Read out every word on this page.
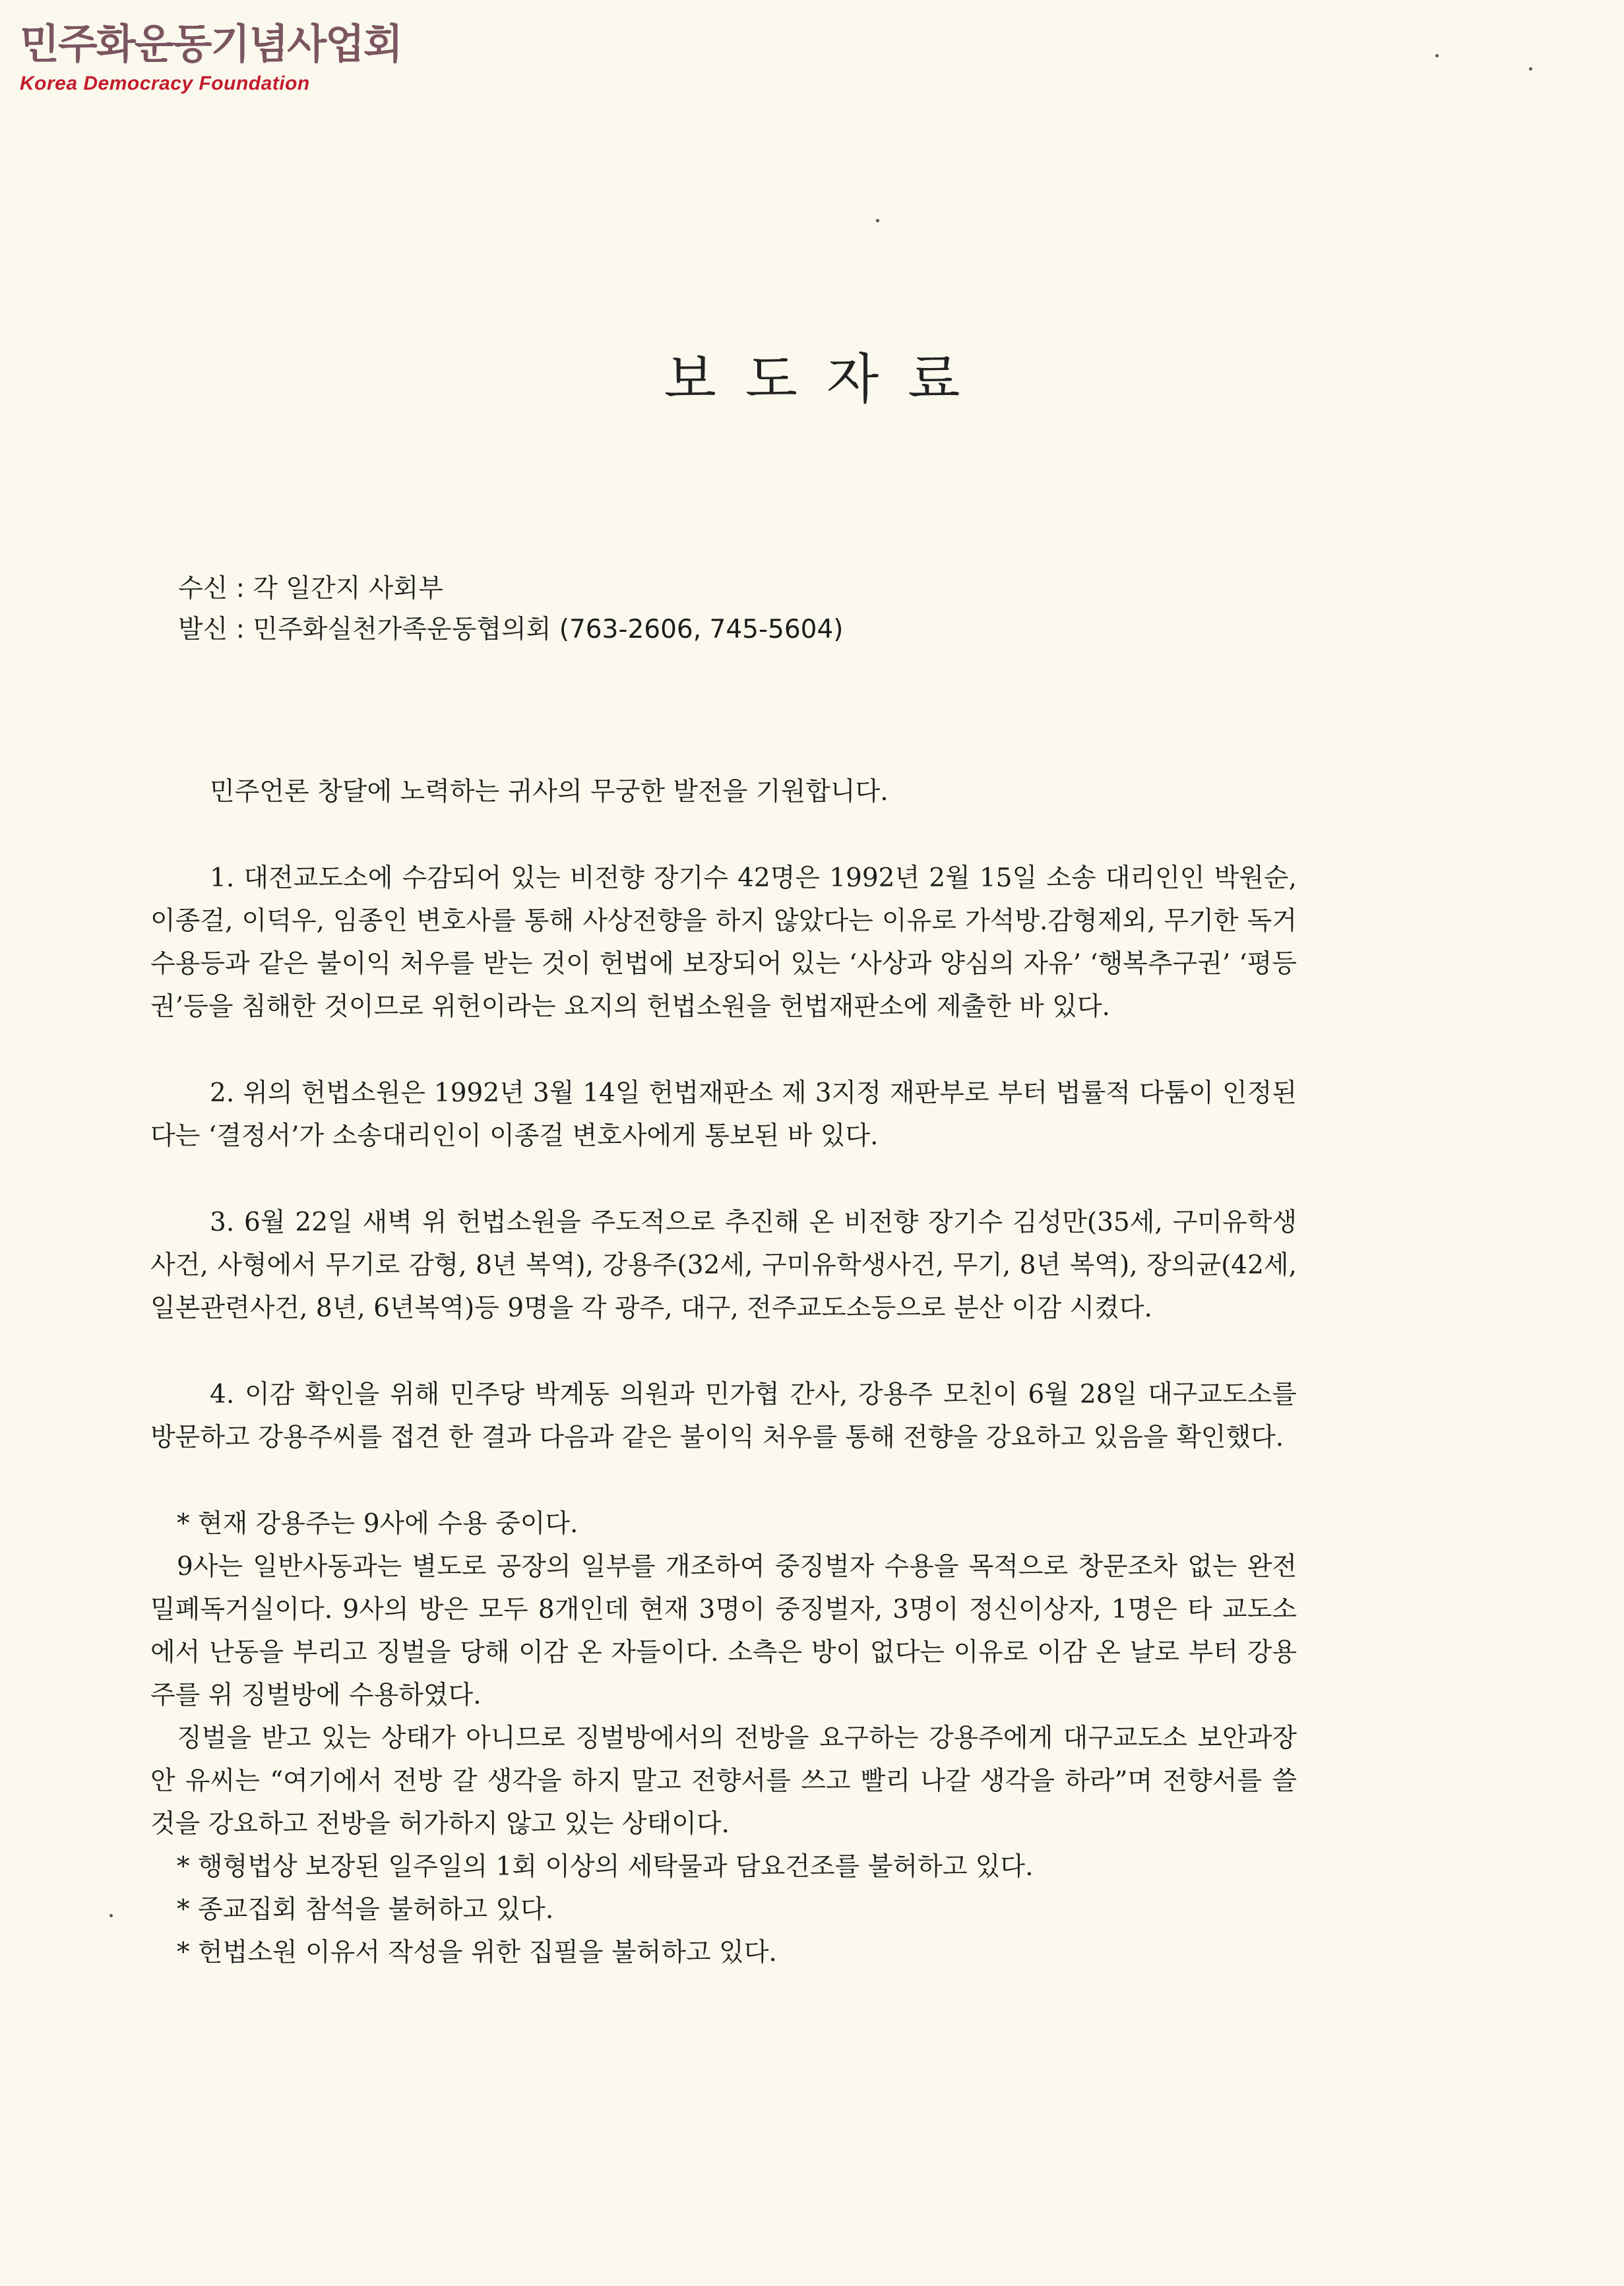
민주화운동기념사업회
Korea Democracy Foundation
보도자료
수신 : 각 일간지 사회부
발신 : 민주화실천가족운동협의회 (763-2606, 745-5604)

민주언론 창달에 노력하는 귀사의 무궁한 발전을 기원합니다.

1. 대전교도소에 수감되어 있는 비전향 장기수 42명은 1992년 2월 15일 소송 대리인인 박원순, 이종걸, 이덕우, 임종인 변호사를 통해 사상전향을 하지 않았다는 이유로 가석방.감형제외, 무기한 독거수용등과 같은 불이익 처우를 받는 것이 헌법에 보장되어 있는 ‘사상과 양심의 자유’ ‘행복추구권’ ‘평등권’등을 침해한 것이므로 위헌이라는 요지의 헌법소원을 헌법재판소에 제출한 바 있다.

2. 위의 헌법소원은 1992년 3월 14일 헌법재판소 제 3지정 재판부로 부터 법률적 다툼이 인정된다는 ‘결정서’가 소송대리인이 이종걸 변호사에게 통보된 바 있다.

3. 6월 22일 새벽 위 헌법소원을 주도적으로 추진해 온 비전향 장기수 김성만(35세, 구미유학생 사건, 사형에서 무기로 감형, 8년 복역), 강용주(32세, 구미유학생사건, 무기, 8년 복역), 장의균(42세, 일본관련사건, 8년, 6년복역)등 9명을 각 광주, 대구, 전주교도소등으로 분산 이감 시켰다.

4. 이감 확인을 위해 민주당 박계동 의원과 민가협 간사, 강용주 모친이 6월 28일 대구교도소를 방문하고 강용주씨를 접견 한 결과 다음과 같은 불이익 처우를 통해 전향을 강요하고 있음을 확인했다.

* 현재 강용주는 9사에 수용 중이다.

9사는 일반사동과는 별도로 공장의 일부를 개조하여 중징벌자 수용을 목적으로 창문조차 없는 완전 밀폐독거실이다. 9사의 방은 모두 8개인데 현재 3명이 중징벌자, 3명이 정신이상자, 1명은 타 교도소에서 난동을 부리고 징벌을 당해 이감 온 자들이다. 소측은 방이 없다는 이유로 이감 온 날로 부터 강용주를 위 징벌방에 수용하였다.

징벌을 받고 있는 상태가 아니므로 징벌방에서의 전방을 요구하는 강용주에게 대구교도소 보안과장 안 유씨는 “여기에서 전방 갈 생각을 하지 말고 전향서를 쓰고 빨리 나갈 생각을 하라”며 전향서를 쓸 것을 강요하고 전방을 허가하지 않고 있는 상태이다.

* 행형법상 보장된 일주일의 1회 이상의 세탁물과 담요건조를 불허하고 있다.

* 종교집회 참석을 불허하고 있다.

* 헌법소원 이유서 작성을 위한 집필을 불허하고 있다.
